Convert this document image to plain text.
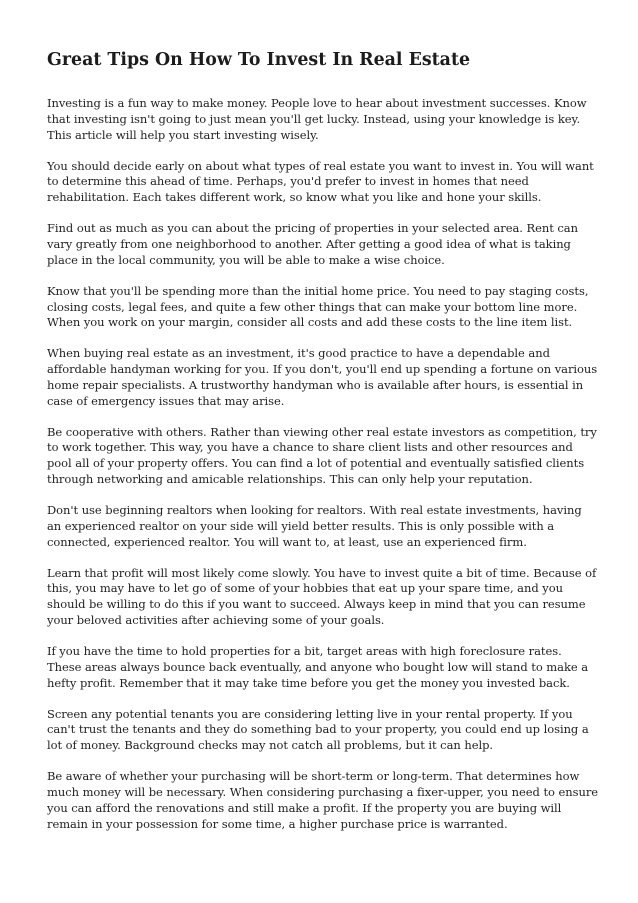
Great Tips On How To Invest In Real Estate

Investing is a fun way to make money. People love to hear about investment successes. Know that investing isn't going to just mean you'll get lucky. Instead, using your knowledge is key. This article will help you start investing wisely.

You should decide early on about what types of real estate you want to invest in. You will want to determine this ahead of time. Perhaps, you'd prefer to invest in homes that need rehabilitation. Each takes different work, so know what you like and hone your skills.

Find out as much as you can about the pricing of properties in your selected area. Rent can vary greatly from one neighborhood to another. After getting a good idea of what is taking place in the local community, you will be able to make a wise choice.

Know that you'll be spending more than the initial home price. You need to pay staging costs, closing costs, legal fees, and quite a few other things that can make your bottom line more. When you work on your margin, consider all costs and add these costs to the line item list.

When buying real estate as an investment, it's good practice to have a dependable and affordable handyman working for you. If you don't, you'll end up spending a fortune on various home repair specialists. A trustworthy handyman who is available after hours, is essential in case of emergency issues that may arise.

Be cooperative with others. Rather than viewing other real estate investors as competition, try to work together. This way, you have a chance to share client lists and other resources and pool all of your property offers. You can find a lot of potential and eventually satisfied clients through networking and amicable relationships. This can only help your reputation.

Don't use beginning realtors when looking for realtors. With real estate investments, having an experienced realtor on your side will yield better results. This is only possible with a connected, experienced realtor. You will want to, at least, use an experienced firm.

Learn that profit will most likely come slowly. You have to invest quite a bit of time. Because of this, you may have to let go of some of your hobbies that eat up your spare time, and you should be willing to do this if you want to succeed. Always keep in mind that you can resume your beloved activities after achieving some of your goals.

If you have the time to hold properties for a bit, target areas with high foreclosure rates. These areas always bounce back eventually, and anyone who bought low will stand to make a hefty profit. Remember that it may take time before you get the money you invested back.

Screen any potential tenants you are considering letting live in your rental property. If you can't trust the tenants and they do something bad to your property, you could end up losing a lot of money. Background checks may not catch all problems, but it can help.

Be aware of whether your purchasing will be short-term or long-term. That determines how much money will be necessary. When considering purchasing a fixer-upper, you need to ensure you can afford the renovations and still make a profit. If the property you are buying will remain in your possession for some time, a higher purchase price is warranted.
